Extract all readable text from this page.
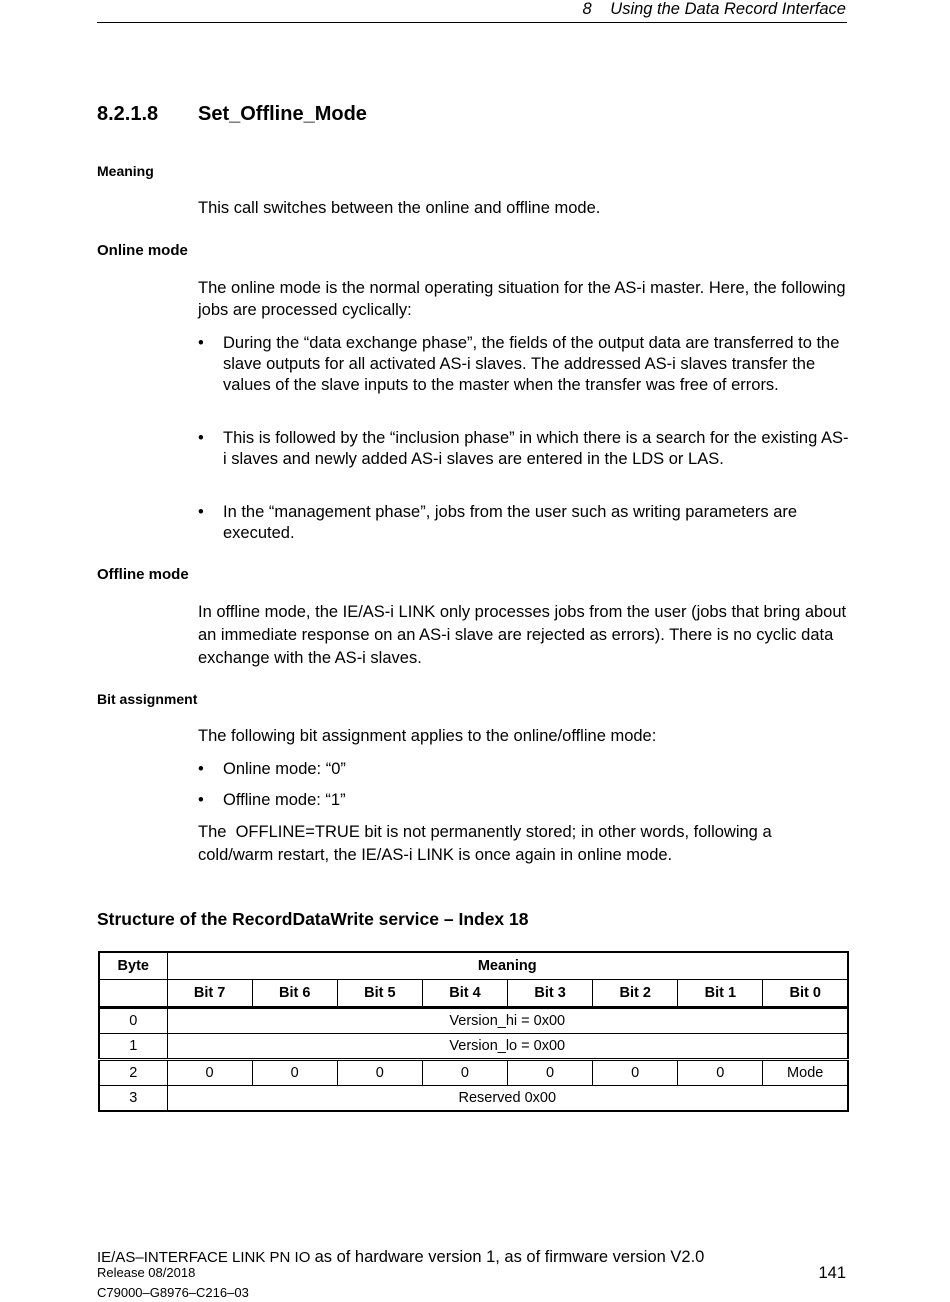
8 Using the Data Record Interface
8.2.1.8 Set_Offline_Mode
Meaning
This call switches between the online and offline mode.
Online mode
The online mode is the normal operating situation for the AS-i master. Here, the following jobs are processed cyclically:
• During the “data exchange phase”, the fields of the output data are transferred to the slave outputs for all activated AS-i slaves. The addressed AS-i slaves transfer the values of the slave inputs to the master when the transfer was free of errors.
• This is followed by the “inclusion phase” in which there is a search for the existing AS-i slaves and newly added AS-i slaves are entered in the LDS or LAS.
• In the “management phase”, jobs from the user such as writing parameters are executed.
Offline mode
In offline mode, the IE/AS-i LINK only processes jobs from the user (jobs that bring about an immediate response on an AS-i slave are rejected as errors). There is no cyclic data exchange with the AS-i slaves.
Bit assignment
The following bit assignment applies to the online/offline mode:
• Online mode: “0”
• Offline mode: “1”
The  OFFLINE=TRUE bit is not permanently stored; in other words, following a cold/warm restart, the IE/AS-i LINK is once again in online mode.
Structure of the RecordDataWrite service – Index 18
Byte	Meaning							
	Bit 7	Bit 6	Bit 5	Bit 4	Bit 3	Bit 2	Bit 1	Bit 0
0	Version_hi = 0x00							
1	Version_lo = 0x00							
2	0	0	0	0	0	0	0	Mode
3	Reserved 0x00							
IE/AS–INTERFACE LINK PN IO as of hardware version 1, as of firmware version V2.0
Release 08/2018
C79000–G8976–C216–03
141
